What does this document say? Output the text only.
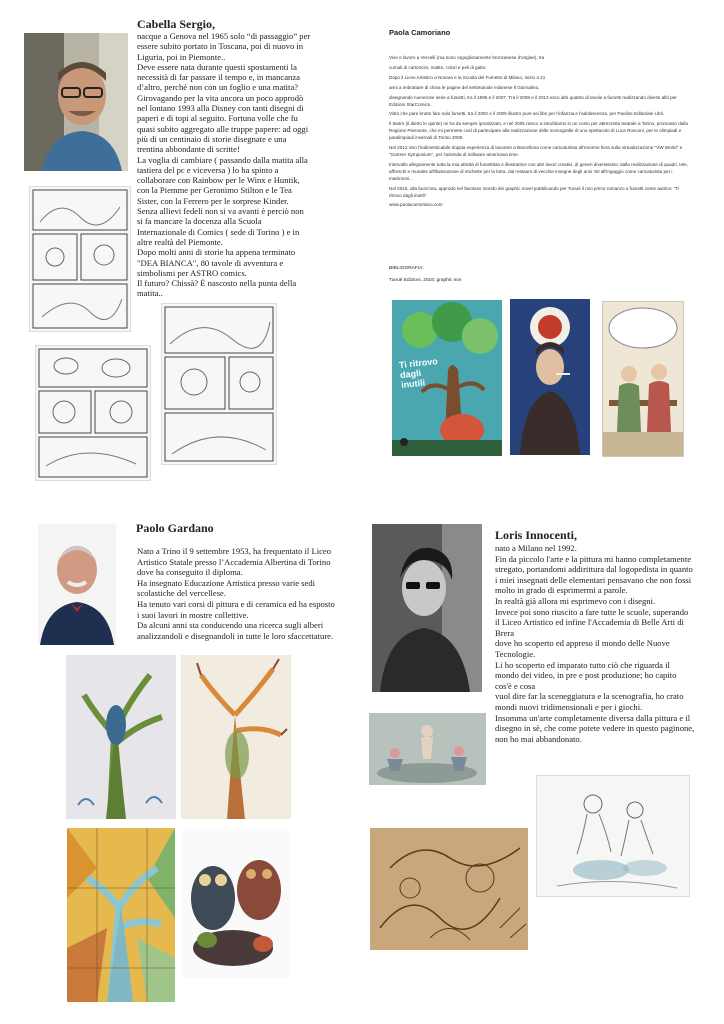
Cabella Sergio,

nacque a Genova nel 1965 solo “di passaggio” per essere subito portato in Toscana, poi di nuovo in Liguria, poi in Piemonte..

Deve essere nata durante questi spostamenti la necessità di far passare il tempo e, in mancanza d’altro, perché non con un foglio e una matita? Girovagando per la vita ancora un poco approdò nel lontano 1993 alla Disney con tanti disegni di paperi e di topi al seguito. Fortuna volle che fu quasi subito aggregato alle truppe papere: ad oggi più di un centinaio di storie disegnate e una trentina abbondante di scritte!

La voglia di cambiare ( passando dalla matita alla tastiera del pc e viceversa ) lo ha spinto a collaborare con Rainbow per le Winx e Huntik, con la Piemme per Geronimo Stilton e le Tea Sister, con la Ferrero per le sorprese Kinder.

Senza allievi fedeli non si va avanti è perciò non si fa mancare la docenza alla Scuola Internazionale di Comics ( sede di Torino ) e in altre realtà del Piemonte.

Dopo molti anni di storie ha appena terminato "DEA BIANCA", 80 tavole di avventura e simbolismi per ASTRO comics.

Il futuro? Chissà? È nascosto nella punta della matita..

Paola Camoriano

Vivo e lavoro a Vercelli (ma sono orgogliosamente bronzanese d'origine), tra

cumuli di cartoncini, matite, colori e peli di gatto.

Dopo il Liceo Artistico a Novara e la Scuola del Fumetto di Milano, inizio a 21

anni a imbrattare di china le pagine del settimanale milanese Il Giornalino,

disegnando numerose serie a fumetti, tra il 1996 e il 2007. Tra il 2008 e il 2013 esco altri quattro di tavole a fumetti realizzando diversi albi per Edizioni StarComics.

Visto che pare brutto fare solo fumetti, tra il 2002 e il 2009 illustro pure sei libri per l'infanzia e l'adolescenza, per Paoline Editoriale Libri.

Il teatro (il dietro le quinte) mi ha da sempre ipnotizzato, e nel 2005 riesco a intrufolarmi in un corso per attrezzista teatrale a Torino, promosso dalla Regione Piemonte, che mi permette così di partecipare alla realizzazione delle scenografie di uno spettacolo di Luca Ronconi, per le olimpiadi e paralimpiadi invernali di Torino 2006.

Nel 2012 vivo l'indimenticabile doppia esperienza di lavorare a Barcellona come caricaturista all'enorme fiera sulla virtualizzazione "VW World" e "Gartner Symposium", per l'azienda di software americana Iime.

Intervallo allegramente tutta la mia attività di fumettista e illustratrice con altri lavori creativi, di generi diversissimi: dalla realizzazione di quadri, tele, affreschi e murales all'illustrazione di etichette per la birra, dal restauro di vecchie insegne degli anni '50 all'ingaggio come caricaturista per i matrimoni...

Nel 2016, alla buon'ora, approdo nel favoloso mondo dei graphic novel pubblicando per Tunué il mio primo romanzo a fumetti come autrice: "Ti ritrovo dagli inuttli".

www.paolacamoriano.com

BIBLIOGRAFIA:
Tunué Edizioni, 2016: graphic nov
Ti ritrovo dagli inutili
Paolo Gardano

Nato a Trino il 9 settembre 1953, ha frequentato il Liceo Artistico Statale presso l’Accademia Albertina di Torino dove ha conseguito il diploma.

Ha insegnato Educazione Artistica presso varie sedi scolastiche del vercellese.

Ha tenuto vari corsi di pittura e di ceramica ed ha esposto i suoi lavori in mostre collettive.

Da alcuni anni sta conducendo una ricerca sugli alberi analizzandoli e disegnandoli in tutte le loro sfaccettature.

Loris Innocenti,

nato a Milano nel 1992.

Fin da piccolo l'arte e la pittura mi hanno completamente stregato, portandomi addirittura dal logopedista in quanto

i miei insegnati delle elementari pensavano che non fossi molto in grado di esprimermi a parole.

In realtà già allora mi esprimevo con i disegni.

Invece poi sono riuscito a fare tutte le scuole, superando il Liceo Artistico ed infine l'Accademia di Belle Arti di Brera

dove ho scoperto ed appreso il mondo delle Nuove Tecnologie.

Li ho scoperto ed imparato tutto ciò che riguarda il mondo dei video, in pre e post produzione; ho capito cos'è e cosa

vuol dire far la sceneggiatura e la scenografia, ho crato mondi nuovi tridimensionali e per i giochi.

Insomma un'arte completamente diversa dalla pittura e il disegno in sè, che come potete vedere in questo paginone,

non ho mai abbandonato.
